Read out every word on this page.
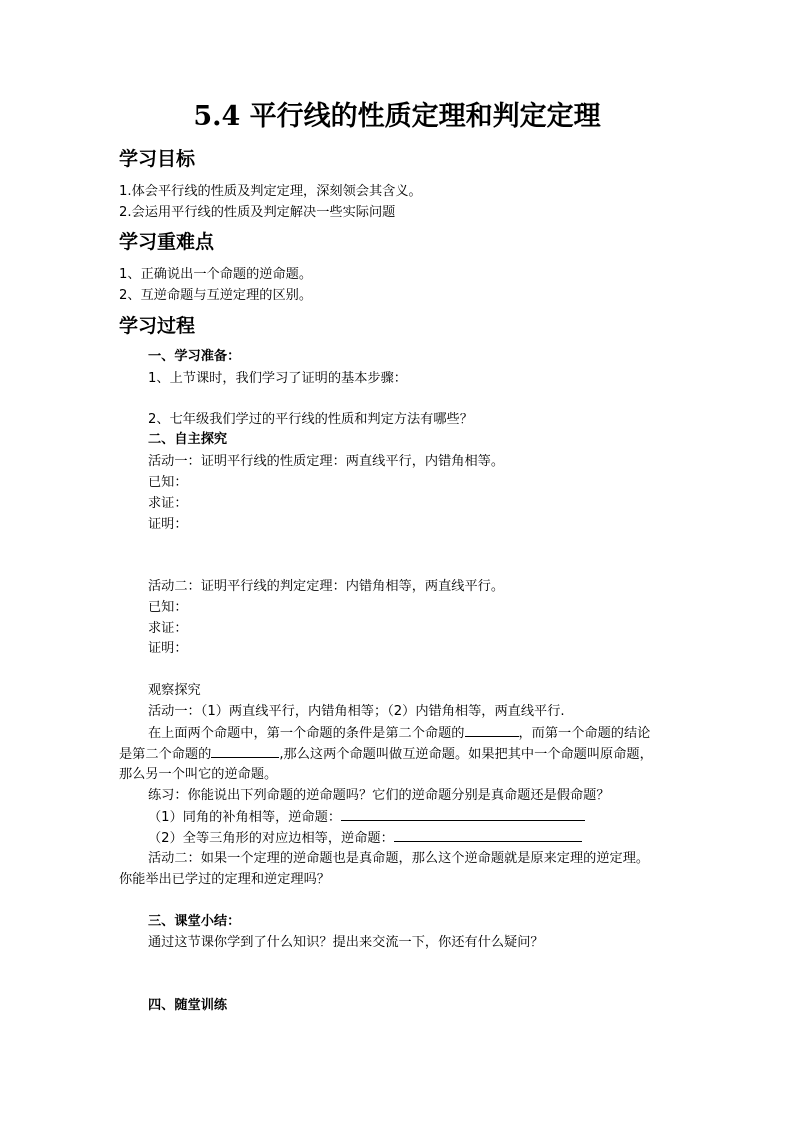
5.4 平行线的性质定理和判定定理
学习目标
1.体会平行线的性质及判定定理，深刻领会其含义。
2.会运用平行线的性质及判定解决一些实际问题
学习重难点
1、正确说出一个命题的逆命题。
2、互逆命题与互逆定理的区别。
学习过程
一、学习准备：
1、上节课时，我们学习了证明的基本步骤：
2、七年级我们学过的平行线的性质和判定方法有哪些？
二、自主探究
活动一：证明平行线的性质定理：两直线平行，内错角相等。
已知：
求证：
证明：
活动二：证明平行线的判定定理：内错角相等，两直线平行。
已知：
求证：
证明：
观察探究
活动一：（1）两直线平行，内错角相等；（2）内错角相等，两直线平行.
在上面两个命题中，第一个命题的条件是第二个命题的	，而第一个命题的结论
是第二个命题的	,那么这两个命题叫做互逆命题。如果把其中一个命题叫原命题，
那么另一个叫它的逆命题。
练习：你能说出下列命题的逆命题吗？它们的逆命题分别是真命题还是假命题？
（1）同角的补角相等，逆命题：
（2）全等三角形的对应边相等，逆命题：
活动二：如果一个定理的逆命题也是真命题，那么这个逆命题就是原来定理的逆定理。
你能举出已学过的定理和逆定理吗？
三、课堂小结：
通过这节课你学到了什么知识？提出来交流一下，你还有什么疑问？
四、随堂训练
